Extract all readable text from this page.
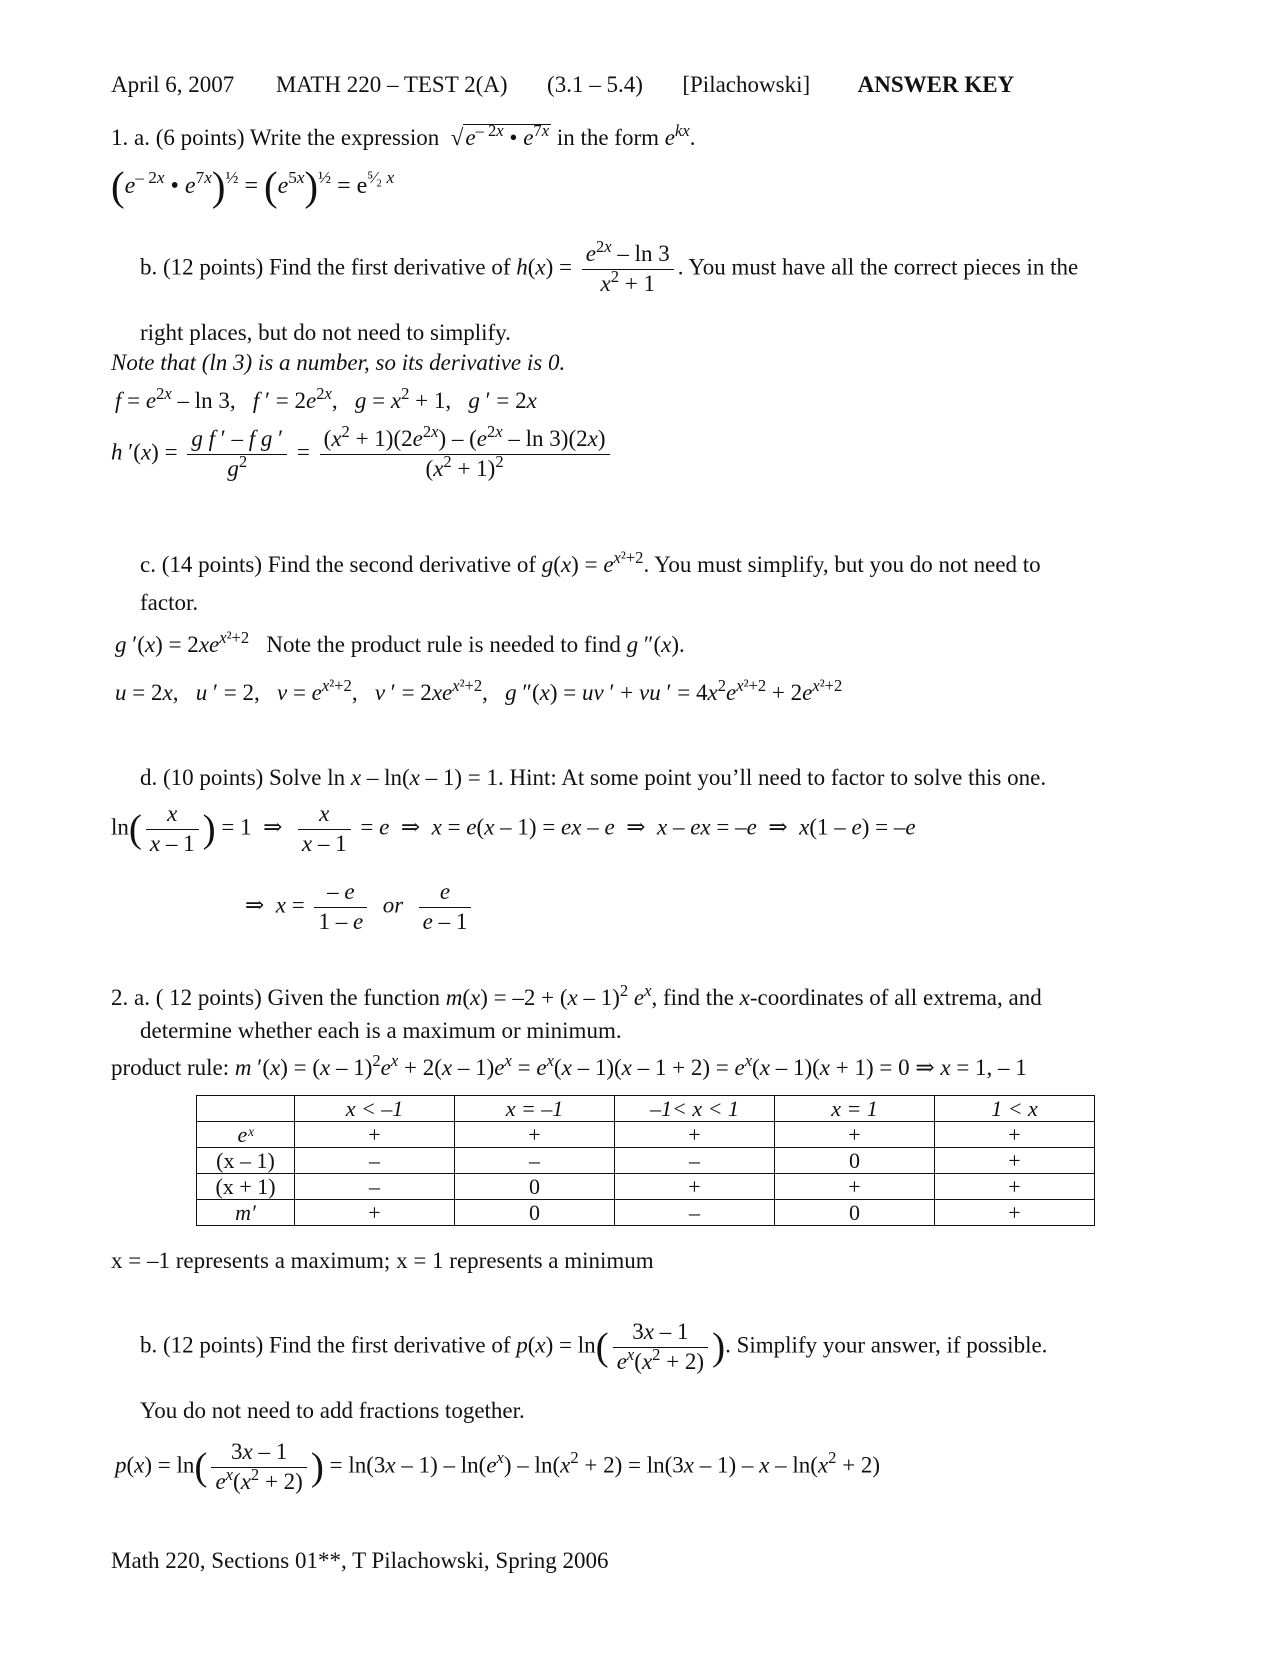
April 6, 2007 MATH 220 – TEST 2(A) (3.1 – 5.4) [Pilachowski] ANSWER KEY
1. a. (6 points) Write the expression  $√e^{- 2x}$ • $e^{7x}$ in the form $e^{kx}$.
($e^{- 2x}$ • $e^{7x})^{\frac{1}{2}} = (e^{5x})^{\frac{1}{2}} = e^{^5⁄_2 x}$
b. (12 points) Find the first derivative of $h(x) = \frac{e^{2x} - \ln 3}{x^2 + 1}$ . You must have all the correct pieces in the
right places, but do not need to simplify.
Note that (ln 3) is a number, so its derivative is 0.
$f = e^{2x} - \ln 3$,   f ′ = $2e^{2x}$,   $g = x^2 + 1$,   g ′ = 2x
h $'(x) = \frac{\text{g f ′ – f g ′}}{g^2} = \frac{(x^2 + 1)(2e^{2x}) - (e^{2x} - \ln 3)(2x)}{(x^2 + 1)^2}$
c. (14 points) Find the second derivative of $g(x) = e^{x^2+2}$. You must simplify, but you do not need to
factor.
g $'(x) = 2xe^{x^2+2}$ Note the product rule is needed to find g ″(x).
u = 2x,   u ′ = 2,   $v = e^{x^2+2}$,   v ′ = $2xe^{x^2+2}$,   g ″(x) = uv ′ + vu ′ = $4x^2e^{x^2+2} + 2e^{x^2+2}$
d. (10 points) Solve ln x – ln(x – 1) = 1. Hint: At some point you’ll need to factor to solve this one.
$\ln( \frac{x}{x - 1}$ ) = 1  ⇒ $\frac{x}{x - 1} = e$  ⇒  x = e(x – 1) = ex – e  ⇒  x – ex = –e  ⇒  x(1 – e) = –e
⇒  $x = \frac{- e}{1 - e}$ or $\frac{e}{e - 1}$
2. a. ( 12 points) Given the function m(x) = –2 + (x – 1)$^2$ $e^x$, find the x-coordinates of all extrema, and
determine whether each is a maximum or minimum.
product rule: m $'(x) = (x - 1)^2e^x + 2(x - 1)e^x = e^x(x - 1)(x - 1 + 2) = e^x(x - 1)(x + 1) = 0$ ⇒ x = 1, – 1
	x < –1	x = –1	–1< x < 1	x = 1	1 < x
eˣ	+	+	+	+	+
(x – 1)	–	–	–	0	+
(x + 1)	–	0	+	+	+
m′	+	0	–	0	+
x = –1 represents a maximum; x = 1 represents a minimum
b. (12 points) Find the first derivative of $p(x) = \ln( \frac{3x - 1}{e^x(x^2 + 2)}$ ). Simplify your answer, if possible.
You do not need to add fractions together.
$p(x) = \ln( \frac{3x - 1}{e^x(x^2 + 2)}$ ) = $\ln(3x - 1) - \ln(e^x) - \ln(x^2 + 2) = \ln(3x - 1) - x - \ln(x^2 + 2)$
Math 220, Sections 01**, T Pilachowski, Spring 2006
